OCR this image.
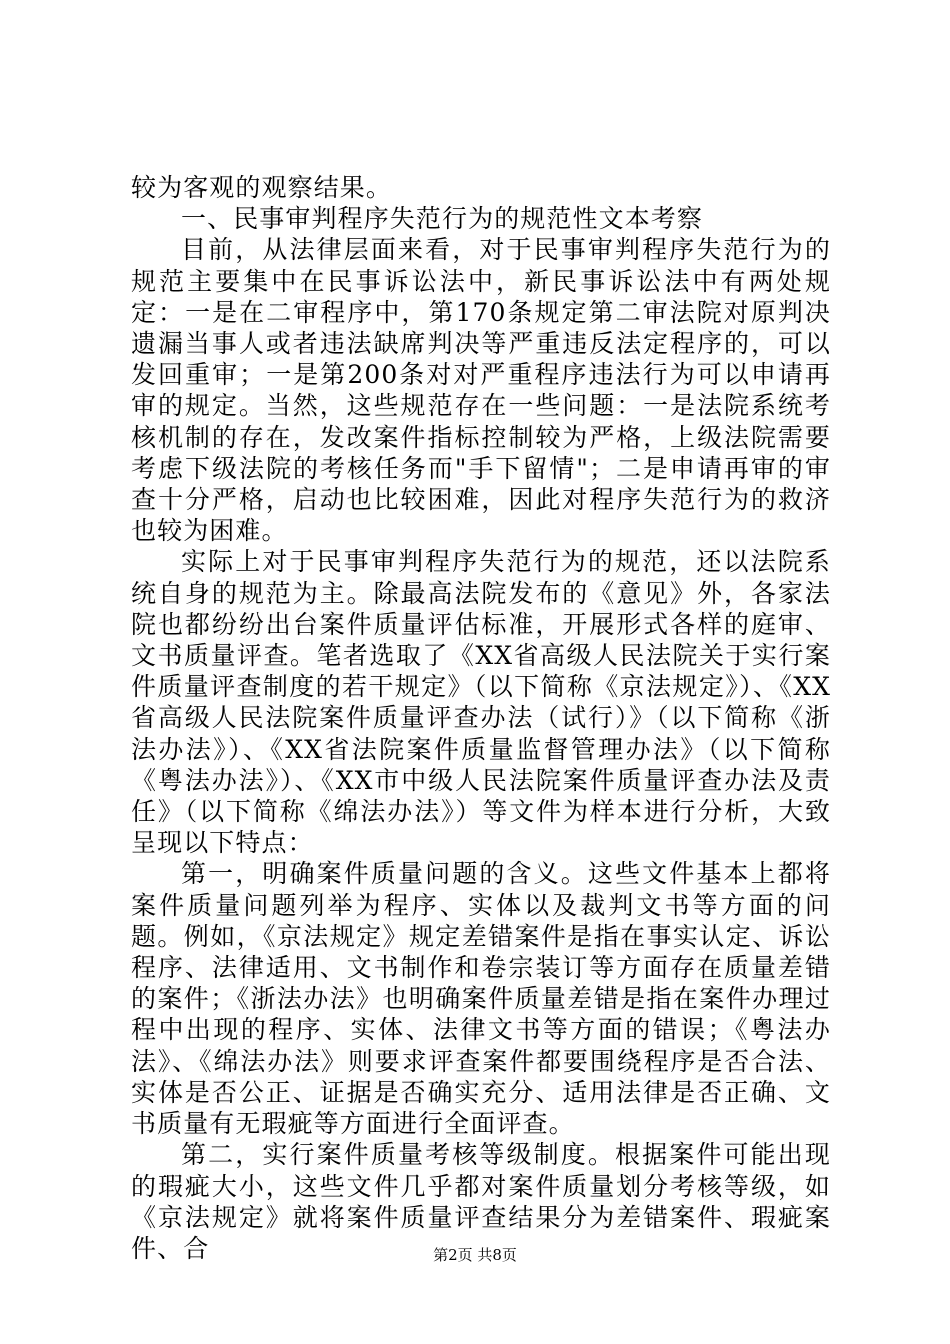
较为客观的观察结果。

一、民事审判程序失范行为的规范性文本考察

目前，从法律层面来看，对于民事审判程序失范行为的规范主要集中在民事诉讼法中，新民事诉讼法中有两处规定：一是在二审程序中，第170条规定第二审法院对原判决遗漏当事人或者违法缺席判决等严重违反法定程序的，可以发回重审；一是第200条对对严重程序违法行为可以申请再审的规定。当然，这些规范存在一些问题：一是法院系统考核机制的存在，发改案件指标控制较为严格，上级法院需要考虑下级法院的考核任务而"手下留情"；二是申请再审的审查十分严格，启动也比较困难，因此对程序失范行为的救济也较为困难。

实际上对于民事审判程序失范行为的规范，还以法院系统自身的规范为主。除最高法院发布的《意见》外，各家法院也都纷纷出台案件质量评估标准，开展形式各样的庭审、文书质量评查。笔者选取了《XX省高级人民法院关于实行案件质量评查制度的若干规定》（以下简称《京法规定》）、《XX省高级人民法院案件质量评查办法（试行）》（以下简称《浙法办法》）、《XX省法院案件质量监督管理办法》（以下简称《粤法办法》）、《XX市中级人民法院案件质量评查办法及责任》（以下简称《绵法办法》）等文件为样本进行分析，大致呈现以下特点：

第一，明确案件质量问题的含义。这些文件基本上都将案件质量问题列举为程序、实体以及裁判文书等方面的问题。例如，《京法规定》规定差错案件是指在事实认定、诉讼程序、法律适用、文书制作和卷宗装订等方面存在质量差错的案件；《浙法办法》也明确案件质量差错是指在案件办理过程中出现的程序、实体、法律文书等方面的错误；《粤法办法》、《绵法办法》则要求评查案件都要围绕程序是否合法、实体是否公正、证据是否确实充分、适用法律是否正确、文书质量有无瑕疵等方面进行全面评查。

第二，实行案件质量考核等级制度。根据案件可能出现的瑕疵大小，这些文件几乎都对案件质量划分考核等级，如《京法规定》就将案件质量评查结果分为差错案件、瑕疵案件、合	第2页 共8页
